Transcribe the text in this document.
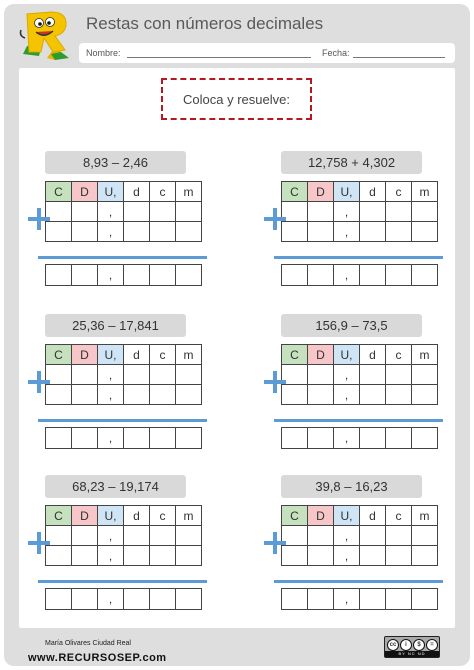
Restas con números decimales
Nombre:	Fecha:
Coloca y resuelve:
8,93 – 2,46
C	D	U,	d	c	m
		,			
		,			
		,			
12,758 + 4,302
C	D	U,	d	c	m
		,			
		,			
		,			
25,36 – 17,841
C	D	U,	d	c	m
		,			
		,			
		,			
156,9 – 73,5
C	D	U,	d	c	m
		,			
		,			
		,			
68,23 – 19,174
C	D	U,	d	c	m
		,			
		,			
		,			
39,8 – 16,23
C	D	U,	d	c	m
		,			
		,			
		,			
María Olivares Ciudad Real
www.RECURSOSEP.com
cc	i	$	=
BY NC ND
